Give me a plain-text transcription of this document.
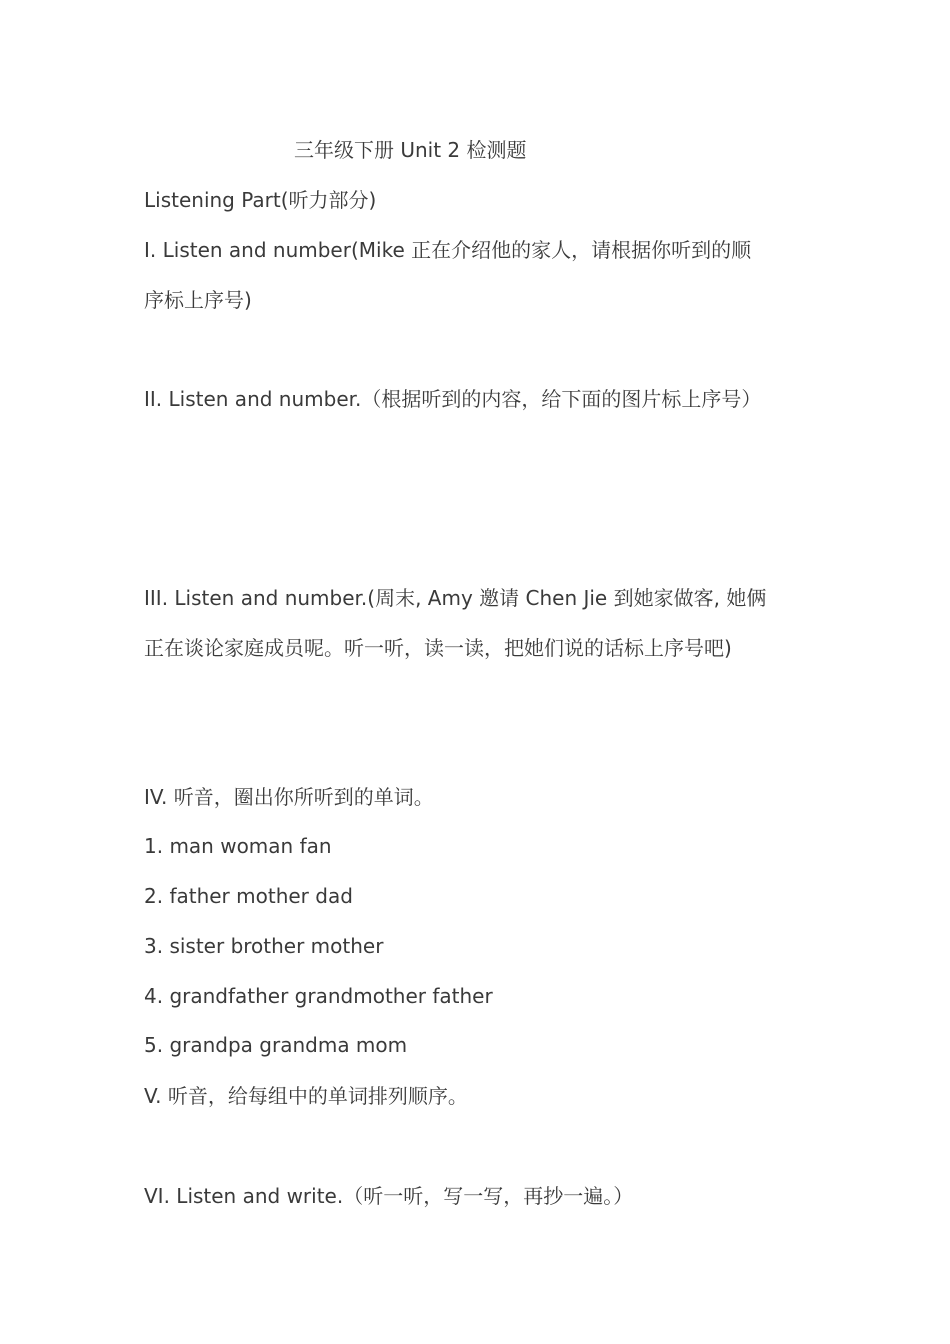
三年级下册 Unit 2 检测题
Listening Part(听力部分)
I. Listen and number(Mike 正在介绍他的家人，请根据你听到的顺
序标上序号)
II. Listen and number.（根据听到的内容，给下面的图片标上序号）
III. Listen and number.(周末, Amy 邀请 Chen Jie 到她家做客, 她俩
正在谈论家庭成员呢。听一听，读一读，把她们说的话标上序号吧)
IV. 听音，圈出你所听到的单词。
1. man woman fan
2. father mother dad
3. sister brother mother
4. grandfather grandmother father
5. grandpa grandma mom
V. 听音，给每组中的单词排列顺序。
VI. Listen and write.（听一听，写一写，再抄一遍。）
